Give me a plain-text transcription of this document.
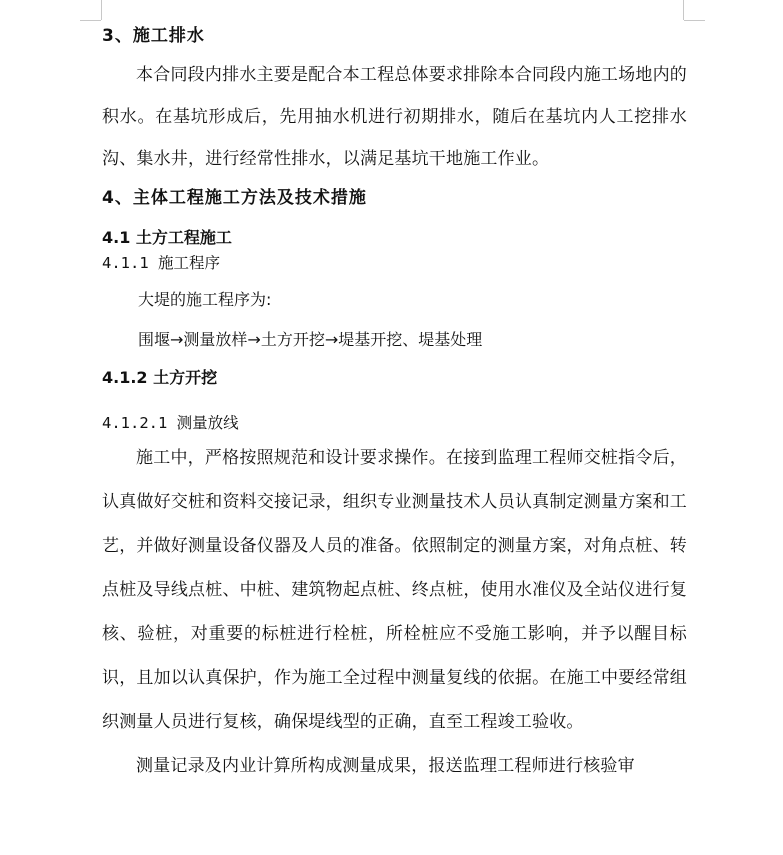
3、施工排水

本合同段内排水主要是配合本工程总体要求排除本合同段内施工场地内的积水。在基坑形成后，先用抽水机进行初期排水，随后在基坑内人工挖排水沟、集水井，进行经常性排水，以满足基坑干地施工作业。

4、主体工程施工方法及技术措施
4.1 土方工程施工
4.1.1 施工程序

大堤的施工程序为:

围堰→测量放样→土方开挖→堤基开挖、堤基处理

4.1.2 土方开挖
4.1.2.1 测量放线

施工中，严格按照规范和设计要求操作。在接到监理工程师交桩指令后，认真做好交桩和资料交接记录，组织专业测量技术人员认真制定测量方案和工艺，并做好测量设备仪器及人员的准备。依照制定的测量方案，对角点桩、转点桩及导线点桩、中桩、建筑物起点桩、终点桩，使用水准仪及全站仪进行复核、验桩，对重要的标桩进行栓桩，所栓桩应不受施工影响，并予以醒目标识，且加以认真保护，作为施工全过程中测量复线的依据。在施工中要经常组织测量人员进行复核，确保堤线型的正确，直至工程竣工验收。

测量记录及内业计算所构成测量成果，报送监理工程师进行核验审
